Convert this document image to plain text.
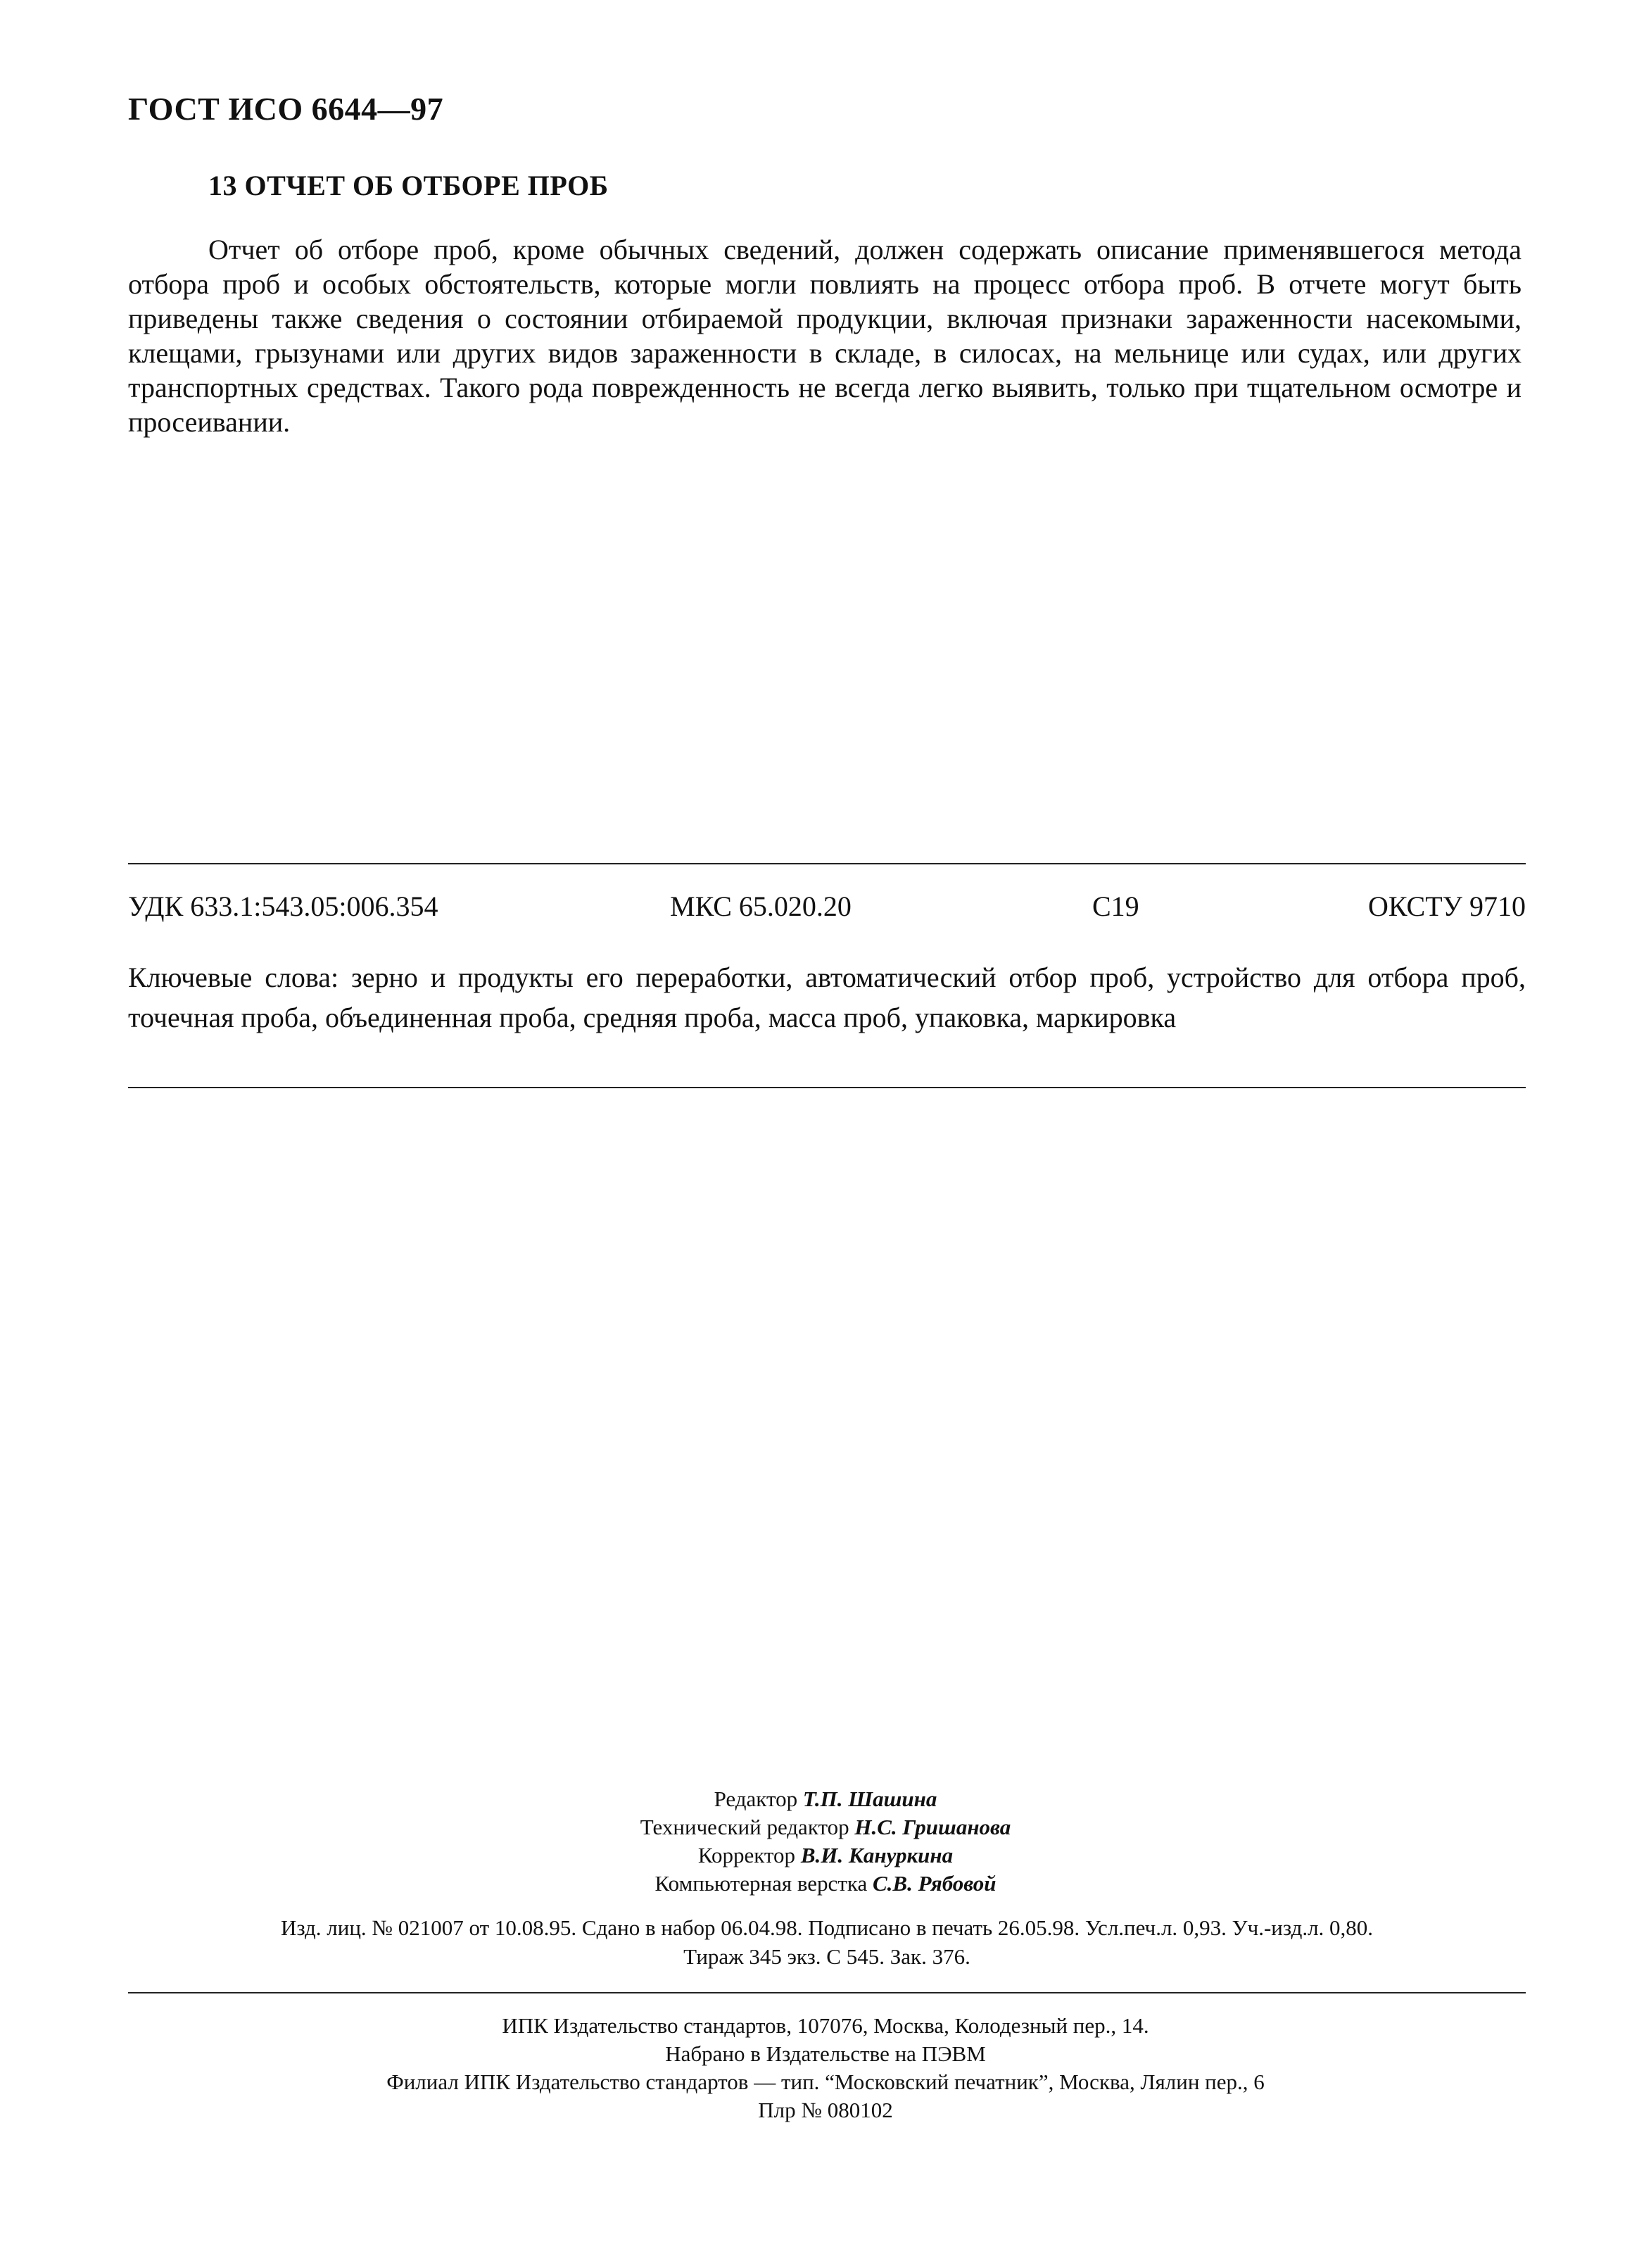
ГОСТ ИСО 6644—97
13 ОТЧЕТ ОБ ОТБОРЕ ПРОБ

Отчет об отборе проб, кроме обычных сведений, должен содержать описание применявшегося метода отбора проб и особых обстоятельств, которые могли повлиять на процесс отбора проб. В отчете могут быть приведены также сведения о состоянии отбираемой продукции, включая признаки зараженности насекомыми, клещами, грызунами или других видов зараженности в складе, в силосах, на мельнице или судах, или других транспортных средствах. Такого рода поврежденность не всегда легко выявить, только при тщательном осмотре и просеивании.

УДК 633.1:543.05:006.354	МКС 65.020.20	С19	ОКСТУ 9710

Ключевые слова: зерно и продукты его переработки, автоматический отбор проб, устройство для отбора проб, точечная проба, объединенная проба, средняя проба, масса проб, упаковка, маркировка

Редактор Т.П. Шашина
Технический редактор Н.С. Гришанова
Корректор В.И. Кануркина
Компьютерная верстка С.В. Рябовой
Изд. лиц. № 021007 от 10.08.95. Сдано в набор 06.04.98. Подписано в печать 26.05.98. Усл.печ.л. 0,93. Уч.-изд.л. 0,80.
Тираж 345 экз. С 545. Зак. 376.
ИПК Издательство стандартов, 107076, Москва, Колодезный пер., 14.
Набрано в Издательстве на ПЭВМ
Филиал ИПК Издательство стандартов — тип. “Московский печатник”, Москва, Лялин пер., 6
Плр № 080102
